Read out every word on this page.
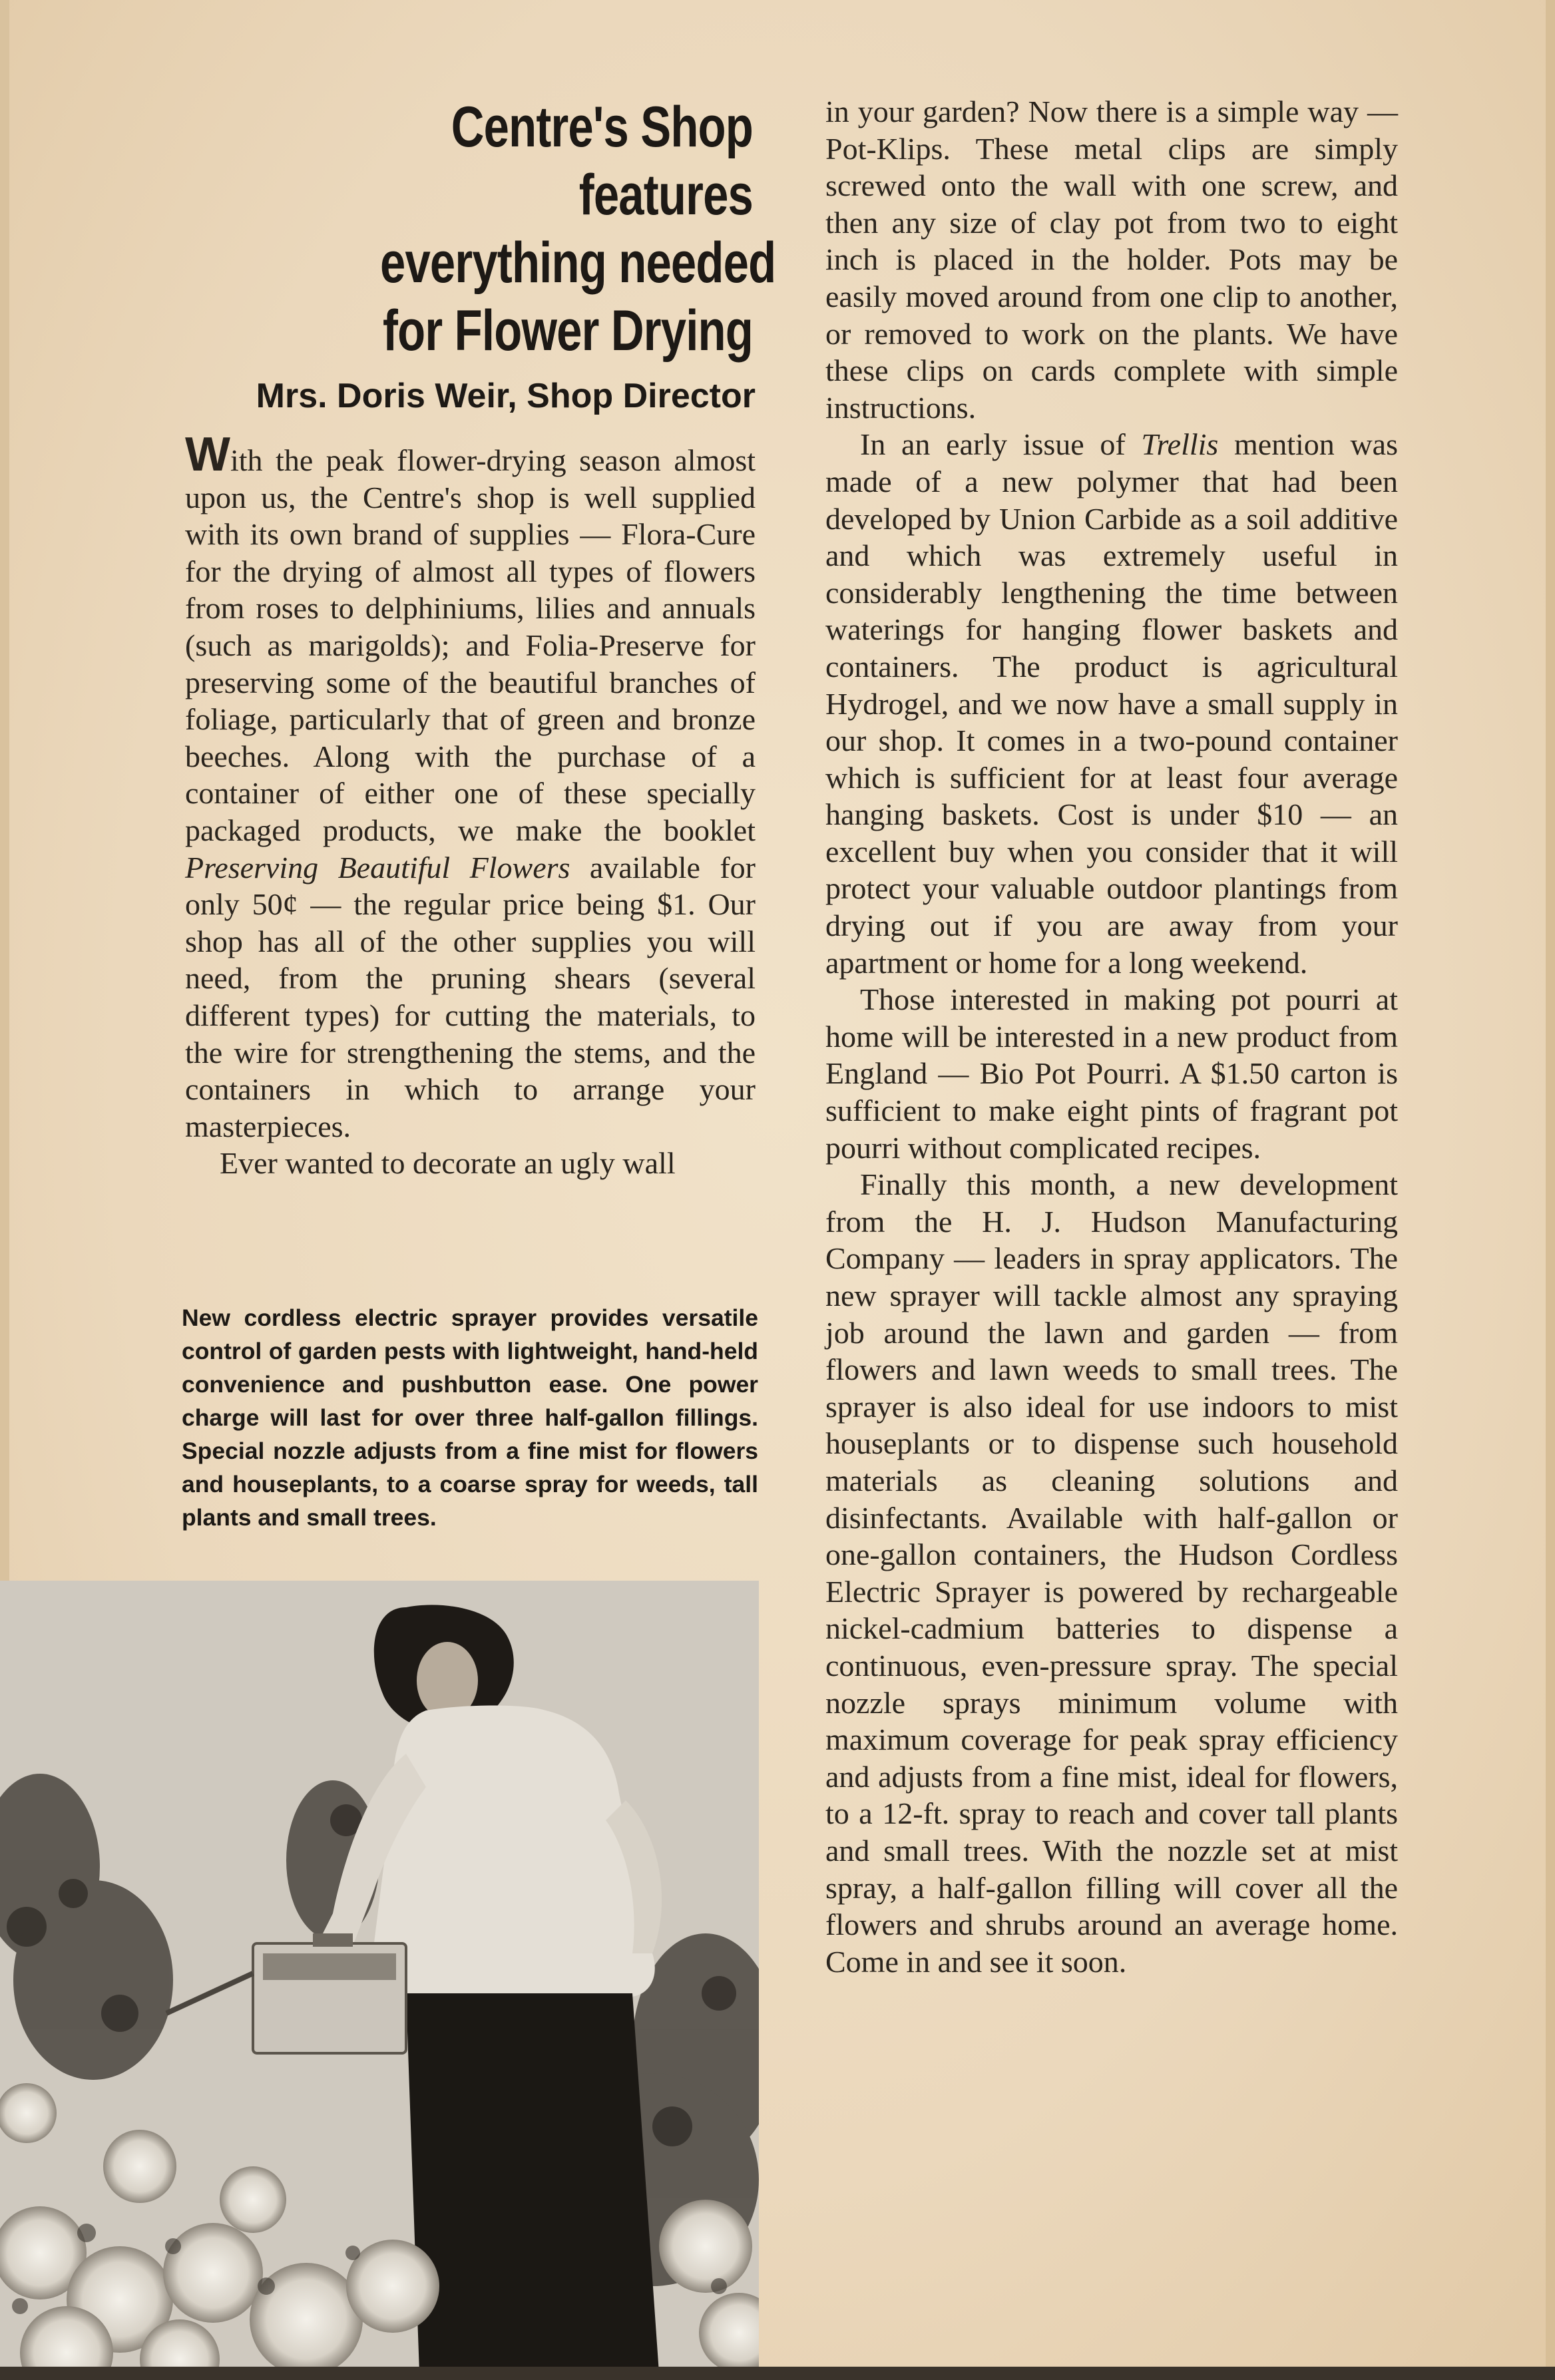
Centre's Shop
features
everything needed
for Flower Drying
Mrs. Doris Weir, Shop Director

With the peak flower-drying season almost upon us, the Centre's shop is well supplied with its own brand of supplies — Flora-Cure for the drying of almost all types of flowers from roses to delphiniums, lilies and annuals (such as marigolds); and Folia-Preserve for preserving some of the beautiful branches of foliage, particularly that of green and bronze beeches. Along with the purchase of a container of either one of these specially packaged products, we make the booklet Preserving Beautiful Flowers available for only 50¢ — the regular price being $1. Our shop has all of the other supplies you will need, from the pruning shears (several different types) for cutting the materials, to the wire for strengthening the stems, and the containers in which to arrange your masterpieces.

Ever wanted to decorate an ugly wall

New cordless electric sprayer provides versatile control of garden pests with lightweight, hand-held convenience and pushbutton ease. One power charge will last for over three half-gallon fillings. Special nozzle adjusts from a fine mist for flowers and houseplants, to a coarse spray for weeds, tall plants and small trees.

in your garden? Now there is a simple way — Pot-Klips. These metal clips are simply screwed onto the wall with one screw, and then any size of clay pot from two to eight inch is placed in the holder. Pots may be easily moved around from one clip to another, or removed to work on the plants. We have these clips on cards complete with simple instructions.

In an early issue of Trellis mention was made of a new polymer that had been developed by Union Carbide as a soil additive and which was extremely useful in considerably lengthening the time between waterings for hanging flower baskets and containers. The product is agricultural Hydrogel, and we now have a small supply in our shop. It comes in a two-pound container which is sufficient for at least four average hanging baskets. Cost is under $10 — an excellent buy when you consider that it will protect your valuable outdoor plantings from drying out if you are away from your apartment or home for a long weekend.

Those interested in making pot pourri at home will be interested in a new product from England — Bio Pot Pourri. A $1.50 carton is sufficient to make eight pints of fragrant pot pourri without complicated recipes.

Finally this month, a new development from the H. J. Hudson Manufacturing Company — leaders in spray applicators. The new sprayer will tackle almost any spraying job around the lawn and garden — from flowers and lawn weeds to small trees. The sprayer is also ideal for use indoors to mist houseplants or to dispense such household materials as cleaning solutions and disinfectants. Available with half-gallon or one-gallon containers, the Hudson Cordless Electric Sprayer is powered by rechargeable nickel-cadmium batteries to dispense a continuous, even-pressure spray. The special nozzle sprays minimum volume with maximum coverage for peak spray efficiency and adjusts from a fine mist, ideal for flowers, to a 12-ft. spray to reach and cover tall plants and small trees. With the nozzle set at mist spray, a half-gallon filling will cover all the flowers and shrubs around an average home. Come in and see it soon.
